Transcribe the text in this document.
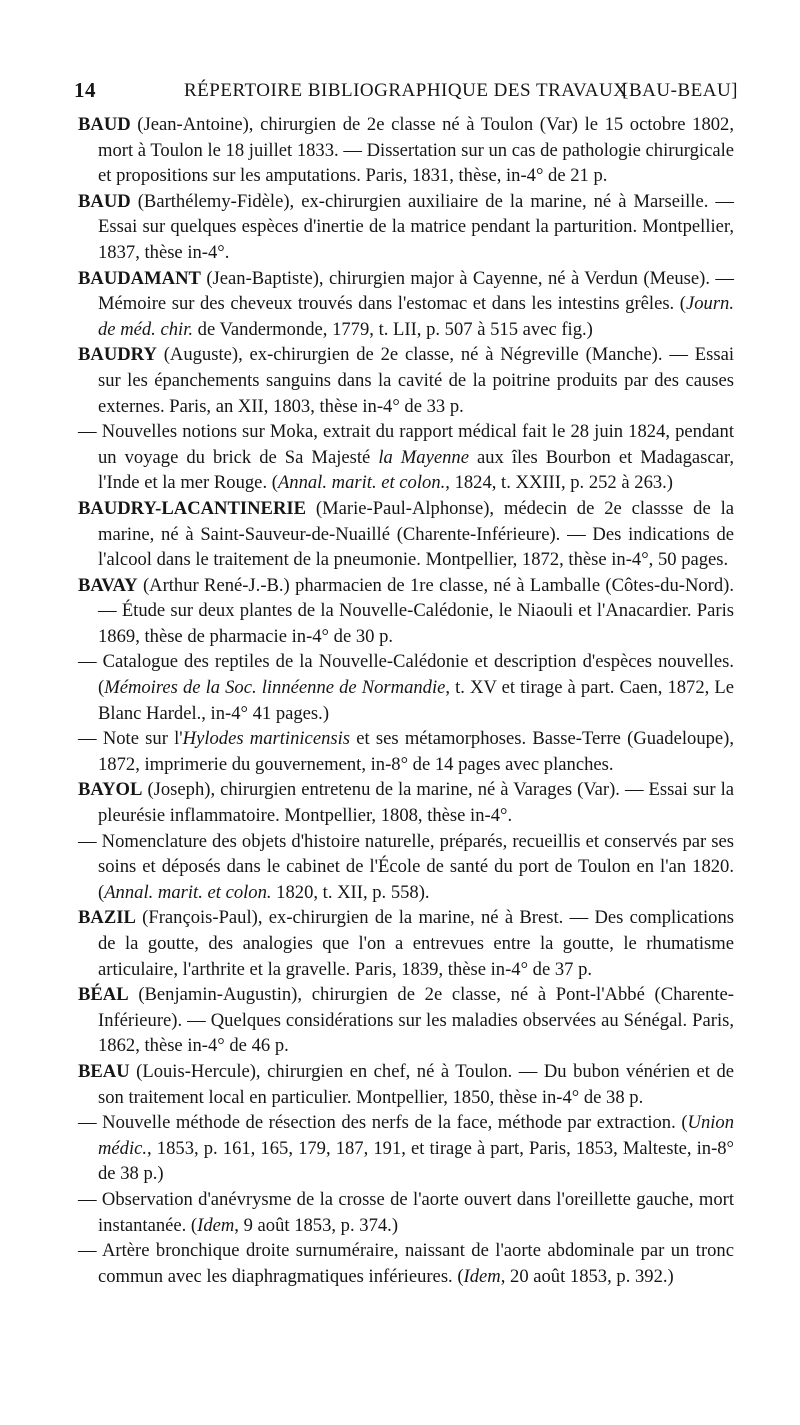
14	RÉPERTOIRE BIBLIOGRAPHIQUE DES TRAVAUX
[BAU-BEAU]

BAUD (Jean-Antoine), chirurgien de 2e classe né à Toulon (Var) le 15 octobre 1802, mort à Toulon le 18 juillet 1833. — Dissertation sur un cas de pathologie chirurgicale et propositions sur les amputations. Paris, 1831, thèse, in-4° de 21 p.

BAUD (Barthélemy-Fidèle), ex-chirurgien auxiliaire de la marine, né à Marseille. — Essai sur quelques espèces d'inertie de la matrice pendant la parturition. Montpellier, 1837, thèse in-4°.

BAUDAMANT (Jean-Baptiste), chirurgien major à Cayenne, né à Verdun (Meuse). — Mémoire sur des cheveux trouvés dans l'estomac et dans les intestins grêles. (Journ. de méd. chir. de Vandermonde, 1779, t. LII, p. 507 à 515 avec fig.)

BAUDRY (Auguste), ex-chirurgien de 2e classe, né à Négreville (Manche). — Essai sur les épanchements sanguins dans la cavité de la poitrine produits par des causes externes. Paris, an XII, 1803, thèse in-4° de 33 p.

— Nouvelles notions sur Moka, extrait du rapport médical fait le 28 juin 1824, pendant un voyage du brick de Sa Majesté la Mayenne aux îles Bourbon et Madagascar, l'Inde et la mer Rouge. (Annal. marit. et colon., 1824, t. XXIII, p. 252 à 263.)

BAUDRY-LACANTINERIE (Marie-Paul-Alphonse), médecin de 2e classse de la marine, né à Saint-Sauveur-de-Nuaillé (Charente-Inférieure). — Des indications de l'alcool dans le traitement de la pneumonie. Montpellier, 1872, thèse in-4°, 50 pages.

BAVAY (Arthur René-J.-B.) pharmacien de 1re classe, né à Lamballe (Côtes-du-Nord). — Étude sur deux plantes de la Nouvelle-Calédonie, le Niaouli et l'Anacardier. Paris 1869, thèse de pharmacie in-4° de 30 p.

— Catalogue des reptiles de la Nouvelle-Calédonie et description d'espèces nouvelles. (Mémoires de la Soc. linnéenne de Normandie, t. XV et tirage à part. Caen, 1872, Le Blanc Hardel., in-4° 41 pages.)

— Note sur l'Hylodes martinicensis et ses métamorphoses. Basse-Terre (Guadeloupe), 1872, imprimerie du gouvernement, in-8° de 14 pages avec planches.

BAYOL (Joseph), chirurgien entretenu de la marine, né à Varages (Var). — Essai sur la pleurésie inflammatoire. Montpellier, 1808, thèse in-4°.

— Nomenclature des objets d'histoire naturelle, préparés, recueillis et conservés par ses soins et déposés dans le cabinet de l'École de santé du port de Toulon en l'an 1820. (Annal. marit. et colon. 1820, t. XII, p. 558).

BAZIL (François-Paul), ex-chirurgien de la marine, né à Brest. — Des complications de la goutte, des analogies que l'on a entrevues entre la goutte, le rhumatisme articulaire, l'arthrite et la gravelle. Paris, 1839, thèse in-4° de 37 p.

BÉAL (Benjamin-Augustin), chirurgien de 2e classe, né à Pont-l'Abbé (Charente-Inférieure). — Quelques considérations sur les maladies observées au Sénégal. Paris, 1862, thèse in-4° de 46 p.

BEAU (Louis-Hercule), chirurgien en chef, né à Toulon. — Du bubon vénérien et de son traitement local en particulier. Montpellier, 1850, thèse in-4° de 38 p.

— Nouvelle méthode de résection des nerfs de la face, méthode par extraction. (Union médic., 1853, p. 161, 165, 179, 187, 191, et tirage à part, Paris, 1853, Malteste, in-8° de 38 p.)

— Observation d'anévrysme de la crosse de l'aorte ouvert dans l'oreillette gauche, mort instantanée. (Idem, 9 août 1853, p. 374.)

— Artère bronchique droite surnuméraire, naissant de l'aorte abdominale par un tronc commun avec les diaphragmatiques inférieures. (Idem, 20 août 1853, p. 392.)
